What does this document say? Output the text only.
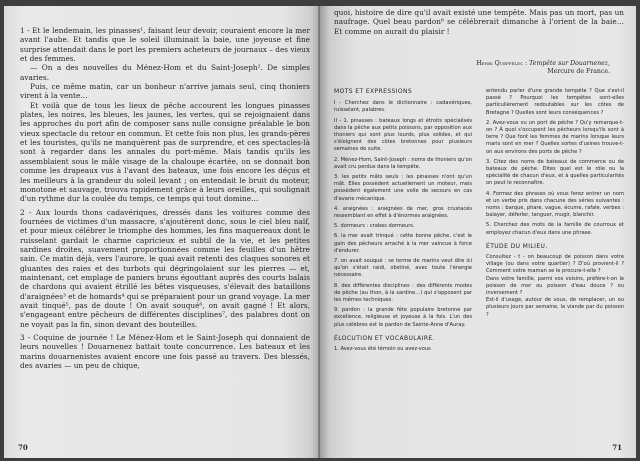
1 - Et le lendemain, les pinasses¹, faisant leur devoir, couraient encore la mer avant l'aube. Et tandis que le soleil illuminait la baie, une joyeuse et fine surprise attendait dans le port les premiers acheteurs de journaux – des vieux et des femmes.

— On a des nouvelles du Ménez-Hom et du Saint-Joseph². De simples avaries.

Puis, ce même matin, car un bonheur n'arrive jamais seul, cinq thoniers virent à la vente…

Et voilà que de tous les lieux de pêche accourent les longues pinasses plates, les noires, les bleues, les jaunes, les vertes, qui se rejoignaient dans les approches du port afin de composer sans nulle consigne préalable le bon vieux spectacle du retour en commun. Et cette fois non plus, les grands-pères et les touristes, qu'ils ne manquèrent pas de surprendre, et ces spectacles-là sont à regarder dans les annales du port-même. Mais tandis qu'ils les assemblaient sous le mâle visage de la chaloupe écartée, on se donnait bon comme les drapeaux vus à l'avant des bateaux, une fois encore les déçus et les meilleurs à la grandeur du soleil levant ; on entendait le bruit du moteur, monotone et sauvage, trouva rapidement grâce à leurs oreilles, qui soulignait d'un rythme dur la coulée du temps, ce temps qui tout domine…

2 - Aux lourds thons cadavériques, dressés dans les voitures comme des fournées de victimes d'un massacre, s'ajoutèrent donc, sous le ciel bleu naïf, et pour mieux célébrer le triomphe des hommes, les fins maquereaux dont le ruisselant gardait le charme capricieux et subtil de la vie, et les petites sardines droites, suavement proportionnées comme les feuilles d'un hêtre sain. Ce matin déjà, vers l'aurore, le quai avait retenti des claques sonores et gluantes des raies et des turbots qui dégringolaient sur les pierres — et, maintenant, cet emplage de paniers bruns égouttant auprès des courts balais de chardons qui avaient étrillé les bêtes visqueuses, s'élevait des bataillons d'araignées³ et de homards⁴ qui se préparaient pour un grand voyage. La mer avait tinqué⁵, pas de doute ! On avait souqué⁶, on avait gagné ! Et alors, s'engageant entre pêcheurs de différentes disciplines⁷, des palabres dont on ne voyait pas la fin, sinon devant des bouteilles.

3 - Coquine de journée ! Le Ménez-Hom et le Saint-Joseph qui donnaient de leurs nouvelles ! Douarnenez battait toute concurrence. Les bateaux et les marins douarnenistes avaient encore une fois passé au travers. Des blessés, des avaries — un peu de chique,

70

quoi, histoire de dire qu'il avait existé une tempête. Mais pas un mort, pas un naufrage. Quel beau pardon⁸ se célébrerait dimanche à l'orient de la baie… Et comme on aurait du plaisir !

Henri Queffélec : Tempête sur Douarnenez,
Mercure de France.
MOTS ET EXPRESSIONS

I - Cherchez dans le dictionnaire : cadavériques, ruisselant, palabres.

II - 1. pinasses : bateaux longs et étroits spécialisés dans la pêche aux petits poissons, par opposition aux thoniers qui sont plus lourds, plus solides, et qui s'éloignent des côtes bretonnes pour plusieurs semaines de suite.

2. Ménez-Hom, Saint-Joseph : noms de thoniers qu'on avait cru perdus dans la tempête.

3. les petits mâts seuls : les pinasses n'ont qu'un mât. Elles possèdent actuellement un moteur, mais possèdent également une voile de secours en cas d'avarie mécanique.

4. araignées : araignées de mer, gros crustacés ressemblant en effet à d'énormes araignées.

5. dormeurs : crabes dormeurs.

6. la mer avait trinqué : cette bonne pêche, c'est le gain des pêcheurs arraché à la mer vaincue à force d'endurer.

7. on avait souqué : se terme de marins veut dire ici qu'on s'était raidi, obstiné, avec toute l'énergie nécessaire.

8. des différentes disciplines : des différents modes de pêche (au thon, à la sardine…) qui s'opposent par les mêmes techniques.

9. pardon : la grande fête populaire bretonne par excellence, religieuse et joyeuse à la fois. L'un des plus célèbres est le pardon de Sainte-Anne d'Auray.

ÉLOCUTION ET VOCABULAIRE.

1. Avez-vous été témoin ou avez-vous

entendu parler d'une grande tempête ? Que s'est-il passé ? Pourquoi les tempêtes sont-elles particulièrement redoutables sur les côtes de Bretagne ? Quelles sont leurs conséquences ?

2. Avez-vous vu un port de pêche ? Qu'y remarque-t-on ? À quoi s'occupent les pêcheurs lorsqu'ils sont à terre ? Que font les femmes de marins lorsque leurs maris sont en mer ? Quelles sortes d'usines trouve-t-on aux environs des ports de pêche ?

3. Citez des noms de bateaux de commerce ou de bateaux de pêche. Dites quel est le rôle ou la spécialité de chacun d'eux, et à quelles particularités on peut le reconnaître.

4. Formez des phrases où vous ferez entrer un nom et un verbe pris dans chacune des séries suivantes : noms : barque, phare, vague, écume, rafale. verbes : balayer, déferler, tanguer, mugir, blanchir.

5. Cherchez des mots de la famille de courroux et employez chacun d'eux dans une phrase.

ÉTUDE DU MILIEU.

Consultez - t - on beaucoup de poisson dans votre village (ou dans votre quartier) ? D'où provient-il ? Comment votre maman se le procure-t-elle ?

Dans votre famille, parmi vos voisins, préfère-t-on le poisson de mer ou poisson d'eau douce ? ou inversement ?

Est-il d'usage, autour de vous, de remplacer, un ou plusieurs jours par semaine, la viande par du poisson ?

71
